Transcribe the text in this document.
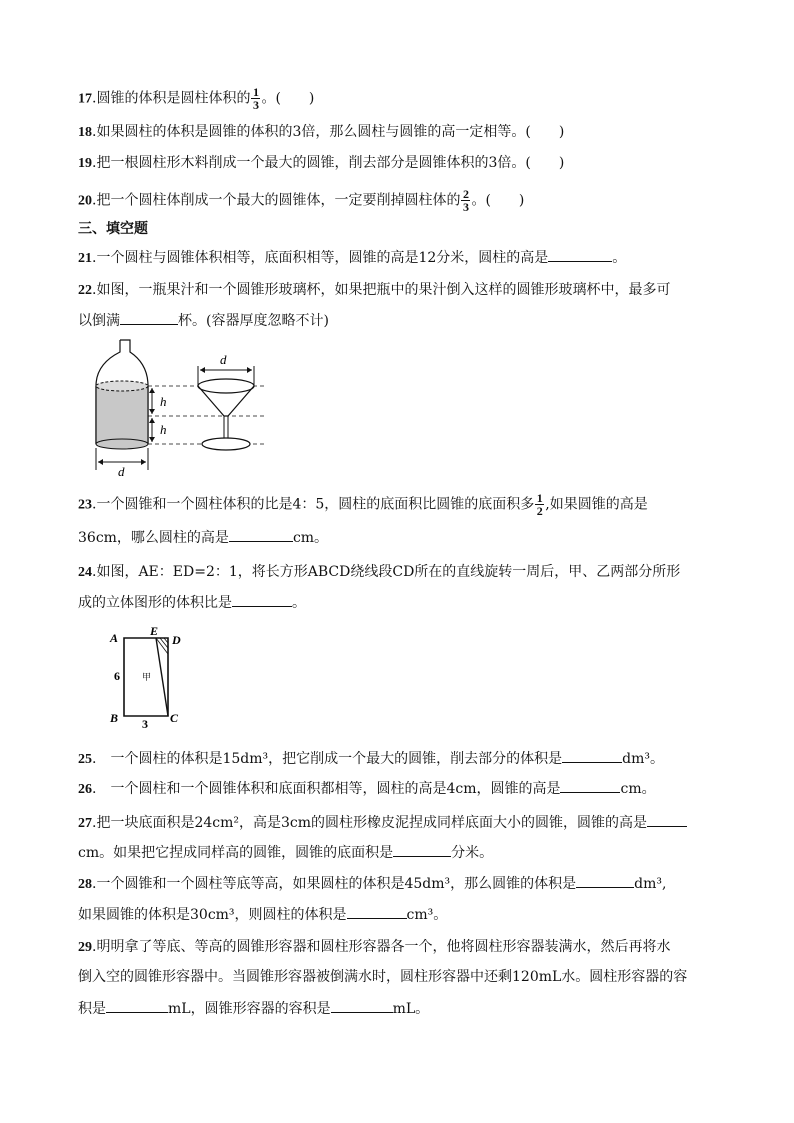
17.圆锥的体积是圆柱体积的 $\frac{1}{3}$ 。(　　)
18.如果圆柱的体积是圆锥的体积的3倍，那么圆柱与圆锥的高一定相等。(　　)
19.把一根圆柱形木料削成一个最大的圆锥，削去部分是圆锥体积的3倍。(　　)
20.把一个圆柱体削成一个最大的圆锥体，一定要削掉圆柱体的 $\frac{2}{3}$ 。(　　)
三、填空题
21.一个圆柱与圆锥体积相等，底面积相等，圆锥的高是12分米，圆柱的高是	。
22.如图，一瓶果汁和一个圆锥形玻璃杯，如果把瓶中的果汁倒入这样的圆锥形玻璃杯中，最多可
以倒满	杯。(容器厚度忽略不计)
d
h
h
d
23.一个圆锥和一个圆柱体积的比是4：5，圆柱的底面积比圆锥的底面积多 $\frac{1}{2}$ ,如果圆锥的高是
36cm，哪么圆柱的高是	cm。
24.如图，AE：ED=2：1，将长方形ABCD绕线段CD所在的直线旋转一周后，甲、乙两部分所形
成的立体图形的体积比是	。
A	E
D
B	C
6
3
甲
25.　一个圆柱的体积是15dm³，把它削成一个最大的圆锥，削去部分的体积是	dm³。
26.　一个圆柱和一个圆锥体积和底面积都相等，圆柱的高是4cm，圆锥的高是	cm。
27.把一块底面积是24cm²，高是3cm的圆柱形橡皮泥捏成同样底面大小的圆锥，圆锥的高是
cm。如果把它捏成同样高的圆锥，圆锥的底面积是	分米。
28.一个圆锥和一个圆柱等底等高，如果圆柱的体积是45dm³，那么圆锥的体积是	dm³,
如果圆锥的体积是30cm³，则圆柱的体积是	cm³。
29.明明拿了等底、等高的圆锥形容器和圆柱形容器各一个，他将圆柱形容器装满水，然后再将水
倒入空的圆锥形容器中。当圆锥形容器被倒满水时，圆柱形容器中还剩120mL水。圆柱形容器的容
积是	mL，圆锥形容器的容积是	mL。
